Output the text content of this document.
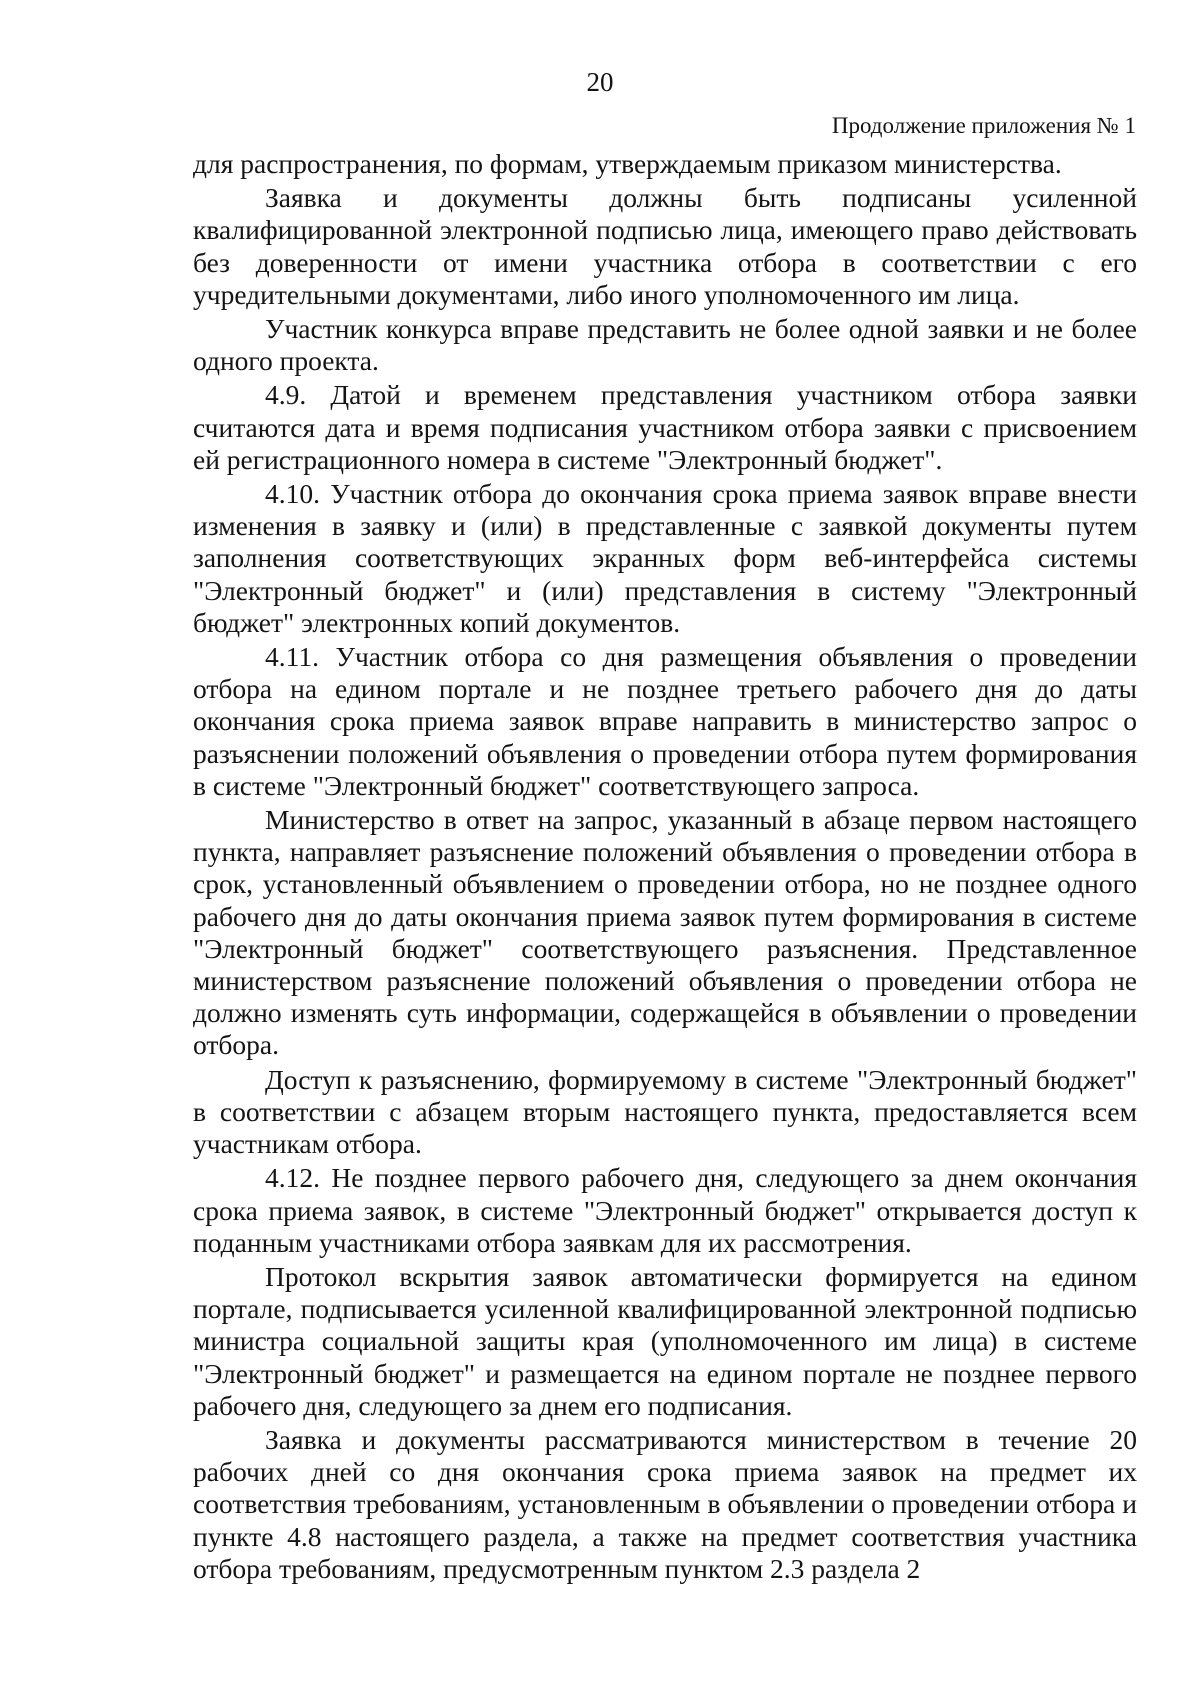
20
Продолжение приложения № 1

для распространения, по формам, утверждаемым приказом министерства.

Заявка и документы должны быть подписаны усиленной квалифицированной электронной подписью лица, имеющего право действовать без доверенности от имени участника отбора в соответствии с его учредительными документами, либо иного уполномоченного им лица.

Участник конкурса вправе представить не более одной заявки и не более одного проекта.

4.9. Датой и временем представления участником отбора заявки считаются дата и время подписания участником отбора заявки с присвоением ей регистрационного номера в системе "Электронный бюджет".

4.10. Участник отбора до окончания срока приема заявок вправе внести изменения в заявку и (или) в представленные с заявкой документы путем заполнения соответствующих экранных форм веб-интерфейса системы "Электронный бюджет" и (или) представления в систему "Электронный бюджет" электронных копий документов.

4.11. Участник отбора со дня размещения объявления о проведении отбора на едином портале и не позднее третьего рабочего дня до даты окончания срока приема заявок вправе направить в министерство запрос о разъяснении положений объявления о проведении отбора путем формирования в системе "Электронный бюджет" соответствующего запроса.

Министерство в ответ на запрос, указанный в абзаце первом настоящего пункта, направляет разъяснение положений объявления о проведении отбора в срок, установленный объявлением о проведении отбора, но не позднее одного рабочего дня до даты окончания приема заявок путем формирования в системе "Электронный бюджет" соответствующего разъяснения. Представленное министерством разъяснение положений объявления о проведении отбора не должно изменять суть информации, содержащейся в объявлении о проведении отбора.

Доступ к разъяснению, формируемому в системе "Электронный бюджет" в соответствии с абзацем вторым настоящего пункта, предоставляется всем участникам отбора.

4.12. Не позднее первого рабочего дня, следующего за днем окончания срока приема заявок, в системе "Электронный бюджет" открывается доступ к поданным участниками отбора заявкам для их рассмотрения.

Протокол вскрытия заявок автоматически формируется на едином портале, подписывается усиленной квалифицированной электронной подписью министра социальной защиты края (уполномоченного им лица) в системе "Электронный бюджет" и размещается на едином портале не позднее первого рабочего дня, следующего за днем его подписания.

Заявка и документы рассматриваются министерством в течение 20 рабочих дней со дня окончания срока приема заявок на предмет их соответствия требованиям, установленным в объявлении о проведении отбора и пункте 4.8 настоящего раздела, а также на предмет соответствия участника отбора требованиям, предусмотренным пунктом 2.3 раздела 2
